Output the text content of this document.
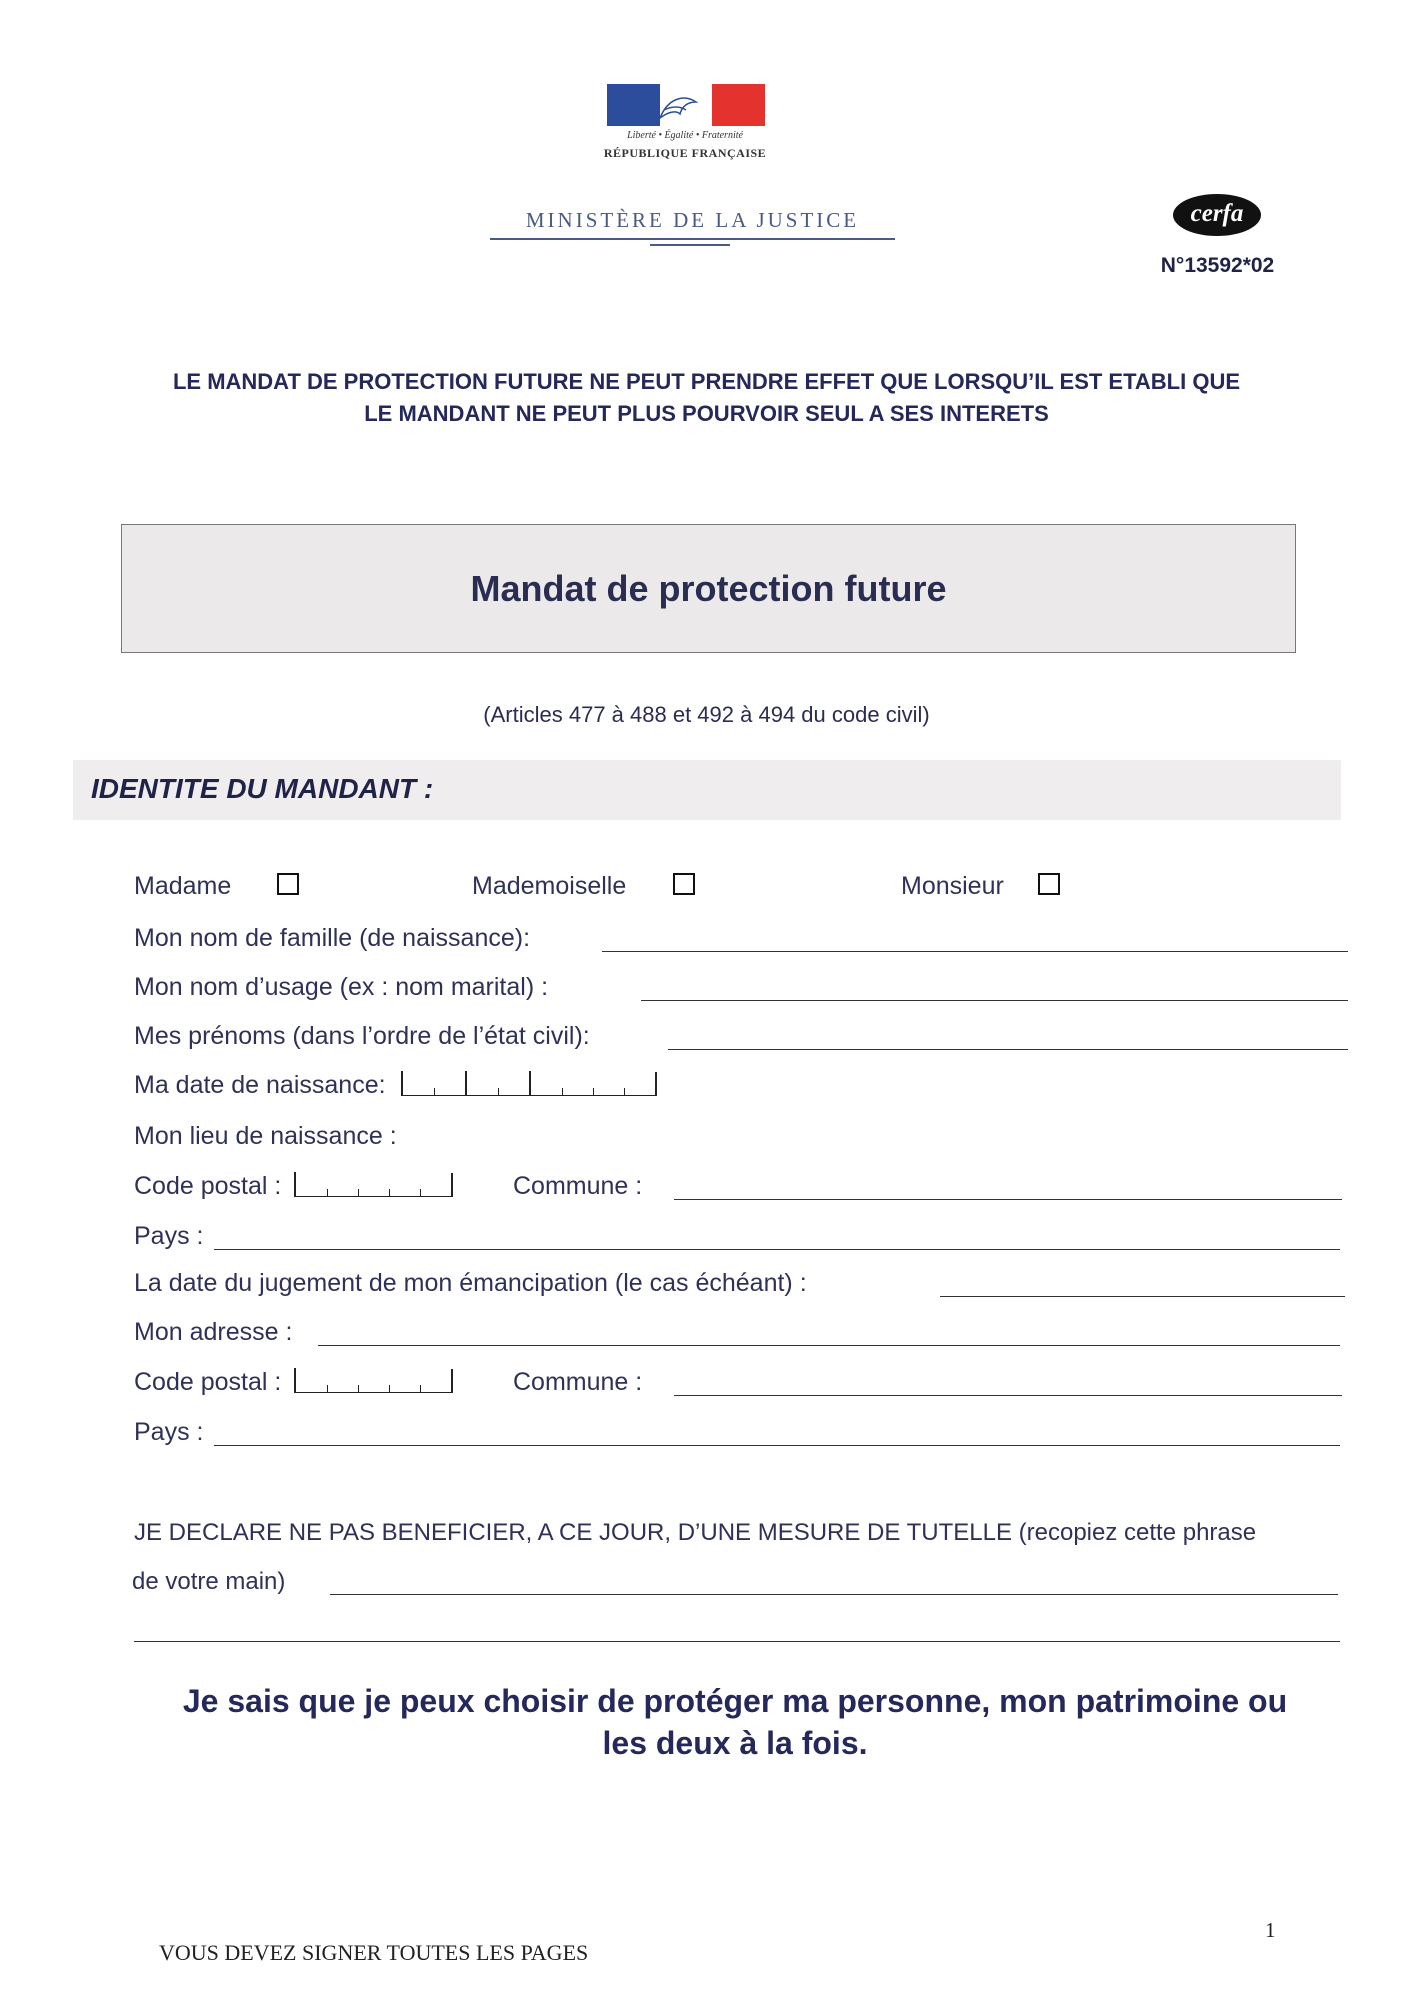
Liberté • Égalité • Fraternité
RÉPUBLIQUE FRANÇAISE
MINISTÈRE DE LA JUSTICE	cerfa
N°13592*02
LE MANDAT DE PROTECTION FUTURE NE PEUT PRENDRE EFFET QUE LORSQU’IL EST ETABLI QUE
LE MANDANT NE PEUT PLUS POURVOIR SEUL A SES INTERETS
Mandat de protection future
(Articles 477 à 488 et 492 à 494 du code civil)
IDENTITE DU MANDANT :
Madame	Mademoiselle	Monsieur
Mon nom de famille (de naissance):
Mon nom d’usage (ex : nom marital) :
Mes prénoms (dans l’ordre de l’état civil):
Ma date de naissance:
Mon lieu de naissance :
Code postal :	Commune :
Pays :
La date du jugement de mon émancipation (le cas échéant) :
Mon adresse :
Code postal :	Commune :
Pays :
JE DECLARE NE PAS BENEFICIER, A CE JOUR, D’UNE MESURE DE TUTELLE (recopiez cette phrase
de votre main)
Je sais que je peux choisir de protéger ma personne, mon patrimoine ou
les deux à la fois.
1
VOUS DEVEZ SIGNER TOUTES LES PAGES
